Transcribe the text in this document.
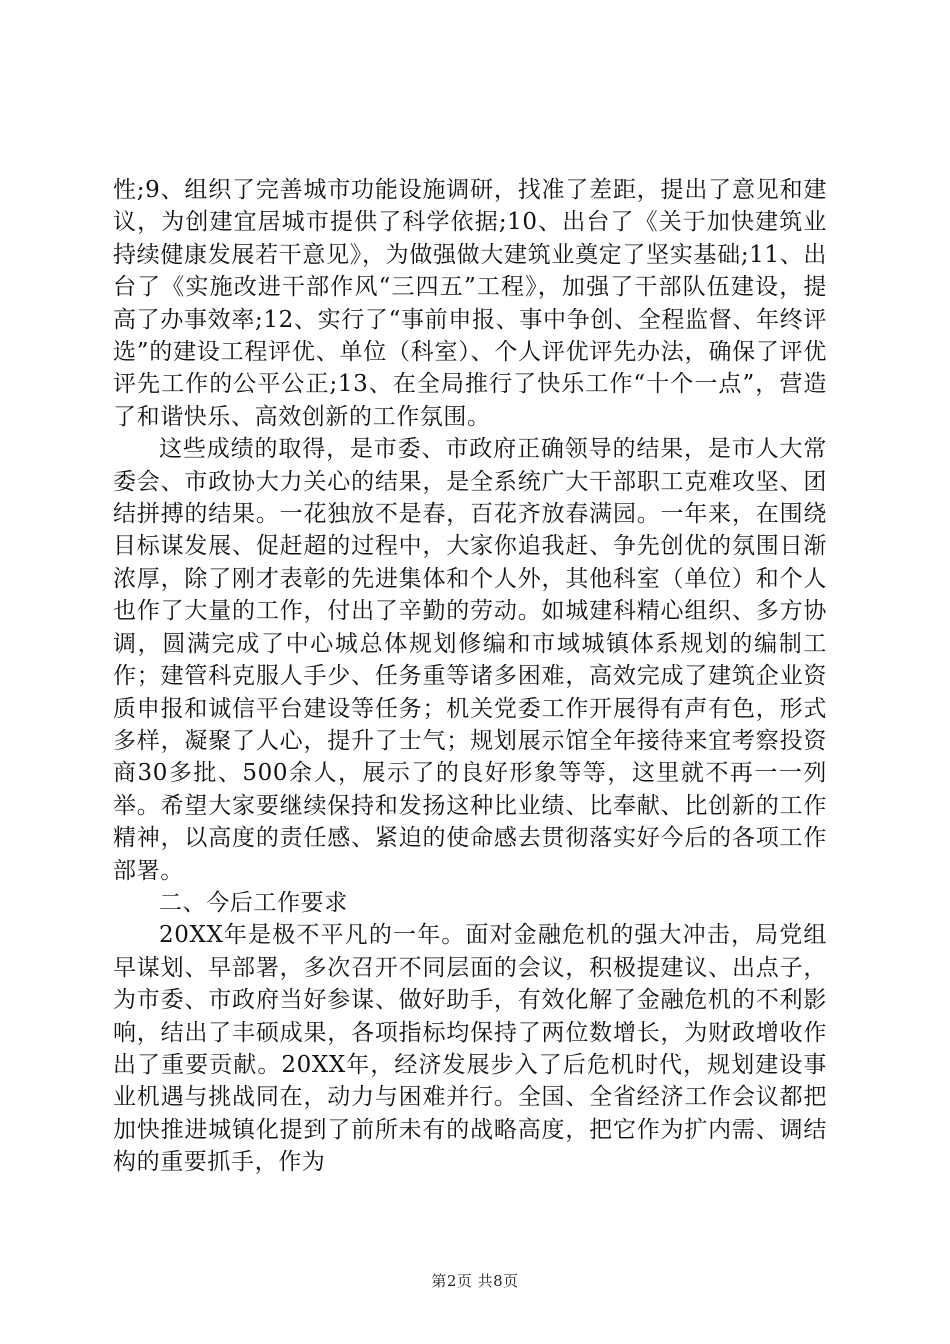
性;9、组织了完善城市功能设施调研，找准了差距，提出了意见和建议，为创建宜居城市提供了科学依据;10、出台了《关于加快建筑业持续健康发展若干意见》，为做强做大建筑业奠定了坚实基础;11、出台了《实施改进干部作风“三四五”工程》，加强了干部队伍建设，提高了办事效率;12、实行了“事前申报、事中争创、全程监督、年终评选”的建设工程评优、单位（科室）、个人评优评先办法，确保了评优评先工作的公平公正;13、在全局推行了快乐工作“十个一点”，营造了和谐快乐、高效创新的工作氛围。

这些成绩的取得，是市委、市政府正确领导的结果，是市人大常委会、市政协大力关心的结果，是全系统广大干部职工克难攻坚、团结拼搏的结果。一花独放不是春，百花齐放春满园。一年来，在围绕目标谋发展、促赶超的过程中，大家你追我赶、争先创优的氛围日渐浓厚，除了刚才表彰的先进集体和个人外，其他科室（单位）和个人也作了大量的工作，付出了辛勤的劳动。如城建科精心组织、多方协调，圆满完成了中心城总体规划修编和市域城镇体系规划的编制工作；建管科克服人手少、任务重等诸多困难，高效完成了建筑企业资质申报和诚信平台建设等任务；机关党委工作开展得有声有色，形式多样，凝聚了人心，提升了士气；规划展示馆全年接待来宜考察投资商30多批、500余人，展示了的良好形象等等，这里就不再一一列举。希望大家要继续保持和发扬这种比业绩、比奉献、比创新的工作精神，以高度的责任感、紧迫的使命感去贯彻落实好今后的各项工作部署。

二、今后工作要求

20XX年是极不平凡的一年。面对金融危机的强大冲击，局党组早谋划、早部署，多次召开不同层面的会议，积极提建议、出点子，为市委、市政府当好参谋、做好助手，有效化解了金融危机的不利影响，结出了丰硕成果，各项指标均保持了两位数增长，为财政增收作出了重要贡献。20XX年，经济发展步入了后危机时代，规划建设事业机遇与挑战同在，动力与困难并行。全国、全省经济工作会议都把加快推进城镇化提到了前所未有的战略高度，把它作为扩内需、调结构的重要抓手，作为

第2页 共8页
